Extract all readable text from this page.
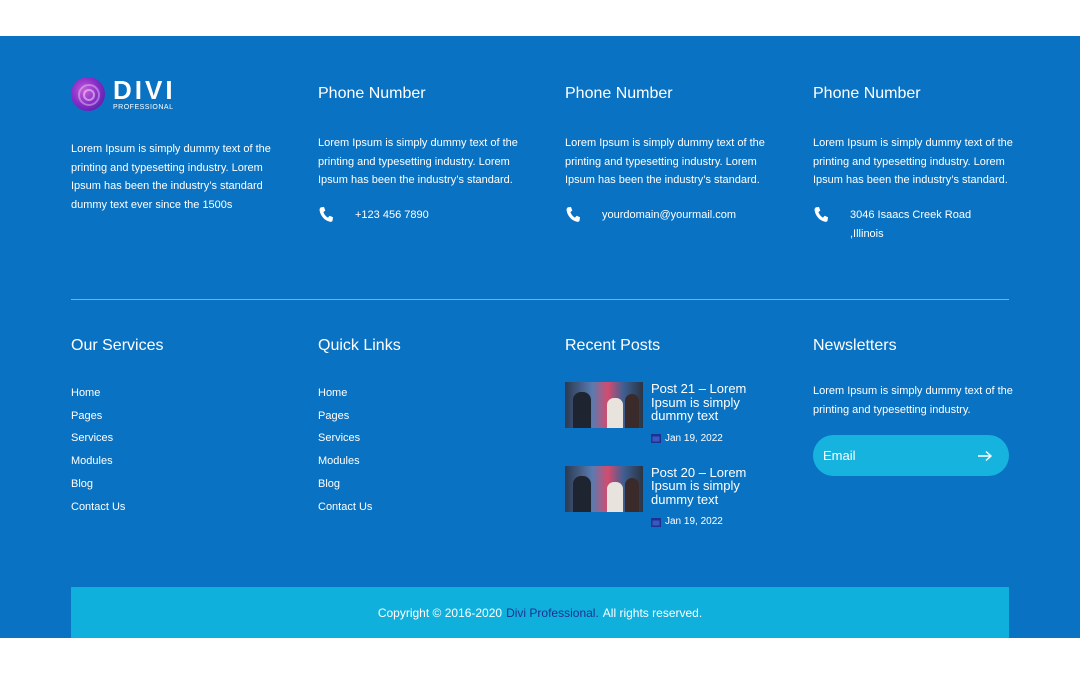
DIVI
PROFESSIONAL

Lorem Ipsum is simply dummy text of the printing and typesetting industry. Lorem Ipsum has been the industry’s standard dummy text ever since the 1500s

Phone Number

Lorem Ipsum is simply dummy text of the printing and typesetting industry. Lorem Ipsum has been the industry’s standard.

+123 456 7890
Phone Number

Lorem Ipsum is simply dummy text of the printing and typesetting industry. Lorem Ipsum has been the industry’s standard.

yourdomain@yourmail.com
Phone Number

Lorem Ipsum is simply dummy text of the printing and typesetting industry. Lorem Ipsum has been the industry’s standard.

3046 Isaacs Creek Road ,Illinois
Our Services
Home
Pages
Services
Modules
Blog
Contact Us
Quick Links
Home
Pages
Services
Modules
Blog
Contact Us
Recent Posts

Post 21 – Lorem Ipsum is simply dummy text

Jan 19, 2022

Post 20 – Lorem Ipsum is simply dummy text

Jan 19, 2022
Newsletters

Lorem Ipsum is simply dummy text of the printing and typesetting industry.

Email
Copyright © 2016-2020 Divi Professional. All rights reserved.
